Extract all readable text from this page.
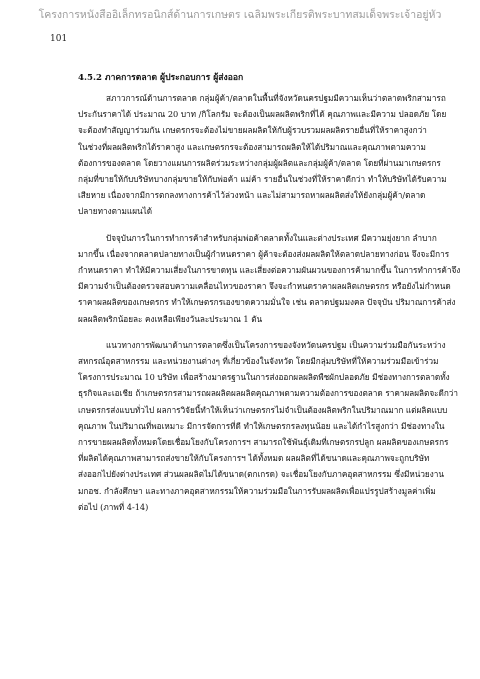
โครงการหนังสืออิเล็กทรอนิกส์ด้านการเกษตร เฉลิมพระเกียรติพระบาทสมเด็จพระเจ้าอยู่หัว
101
4.5.2 ภาคการตลาด ผู้ประกอบการ ผู้ส่งออก
สภาวการณ์ด้านการตลาด กลุ่มผู้ค้า/ตลาดในพื้นที่จังหวัดนครปฐมมีความเห็นว่าตลาดพริกสามารถ
ประกันราคาได้ ประมาณ 20 บาท /กิโลกรัม จะต้องเป็นผลผลิตพริกที่ได้ คุณภาพและมีความ ปลอดภัย โดย
จะต้องทำสัญญาร่วมกัน เกษตรกรจะต้องไม่ขายผลผลิตให้กับผู้รวบรวมผลผลิตรายอื่นที่ให้ราคาสูงกว่า
ในช่วงที่ผลผลิตพริกได้ราคาสูง และเกษตรกรจะต้องสามารถผลิตให้ได้ปริมาณและคุณภาพตามความ
ต้องการของตลาด โดยวางแผนการผลิตร่วมระหว่างกลุ่มผู้ผลิตและกลุ่มผู้ค้า/ตลาด โดยที่ผ่านมาเกษตรกร
กลุ่มที่ขายให้กับบริษัทบางกลุ่มขายให้กับพ่อค้า แม่ค้า รายอื่นในช่วงที่ให้ราคาดีกว่า ทำให้บริษัทได้รับความ
เสียหาย เนื่องจากมีการตกลงทางการค้าไว้ล่วงหน้า และไม่สามารถหาผลผลิตส่งให้ยังกลุ่มผู้ค้า/ตลาด
ปลายทางตามแผนได้
ปัจจุบันการในการทำการค้าสำหรับกลุ่มพ่อค้าตลาดทั้งในและต่างประเทศ มีความยุ่งยาก ลำบาก
มากขึ้น เนื่องจากตลาดปลายทางเป็นผู้กำหนดราคา ผู้ค้าจะต้องส่งผลผลิตให้ตลาดปลายทางก่อน จึงจะมีการ
กำหนดราคา ทำให้มีความเสี่ยงในการขาดทุน และเสี่ยงต่อความผันผวนของการค้ามากขึ้น ในการทำการค้าจึง
มีความจำเป็นต้องตรวจสอบความเคลื่อนไหวของราคา จึงจะกำหนดราคาผลผลิตเกษตรกร หรือยังไม่กำหนด
ราคาผลผลิตของเกษตรกร ทำให้เกษตรกรเองขาดความมั่นใจ เช่น ตลาดปฐมมงคล ปัจจุบัน ปริมาณการค้าส่ง
ผลผลิตพริกน้อยละ คงเหลือเพียงวันละประมาณ 1 ตัน
แนวทางการพัฒนาด้านการตลาดซึ่งเป็นโครงการของจังหวัดนครปฐม เป็นความร่วมมือกันระหว่าง
สหกรณ์อุตสาหกรรม และหน่วยงานต่างๆ ที่เกี่ยวข้องในจังหวัด โดยมีกลุ่มบริษัทที่ให้ความร่วมมือเข้าร่วม
โครงการประมาณ 10 บริษัท เพื่อสร้างมาตรฐานในการส่งออกผลผลิตพืชผักปลอดภัย มีช่องทางการตลาดทั้ง
ธุรกิจและเอเชีย ถ้าเกษตรกรสามารถผลผลิตผลผลิตคุณภาพตามความต้องการของตลาด ราคาผลผลิตจะดีกว่า
เกษตรกรส่งแบบทั่วไป ผลการวิจัยนี้ทำให้เห็นว่าเกษตรกรไม่จำเป็นต้องผลิตพริกในปริมาณมาก แต่ผลิตแบบ
คุณภาพ ในปริมาณที่พอเหมาะ มีการจัดการที่ดี ทำให้เกษตรกรลงทุนน้อย และได้กำไรสูงกว่า มีช่องทางใน
การขายผลผลิตทั้งหมดโดยเชื่อมโยงกับโครงการฯ สามารถใช้พันธุ์เดิมที่เกษตรกรปลูก ผลผลิตของเกษตรกร
ที่ผลิตได้คุณภาพสามารถส่งขายให้กับโครงการฯ ได้ทั้งหมด ผลผลิตที่ได้ขนาดและคุณภาพจะถูกบริษัท
ส่งออกไปยังต่างประเทศ ส่วนผลผลิตไม่ได้ขนาด(ตกเกรด) จะเชื่อมโยงกับภาคอุตสาหกรรม ซึ่งมีหน่วยงาน
มกอช. กำลังศึกษา และทางภาคอุตสาหกรรมให้ความร่วมมือในการรับผลผลิตเพื่อแปรรูปสร้างมูลค่าเพิ่ม
ต่อไป (ภาพที่ 4-14)
